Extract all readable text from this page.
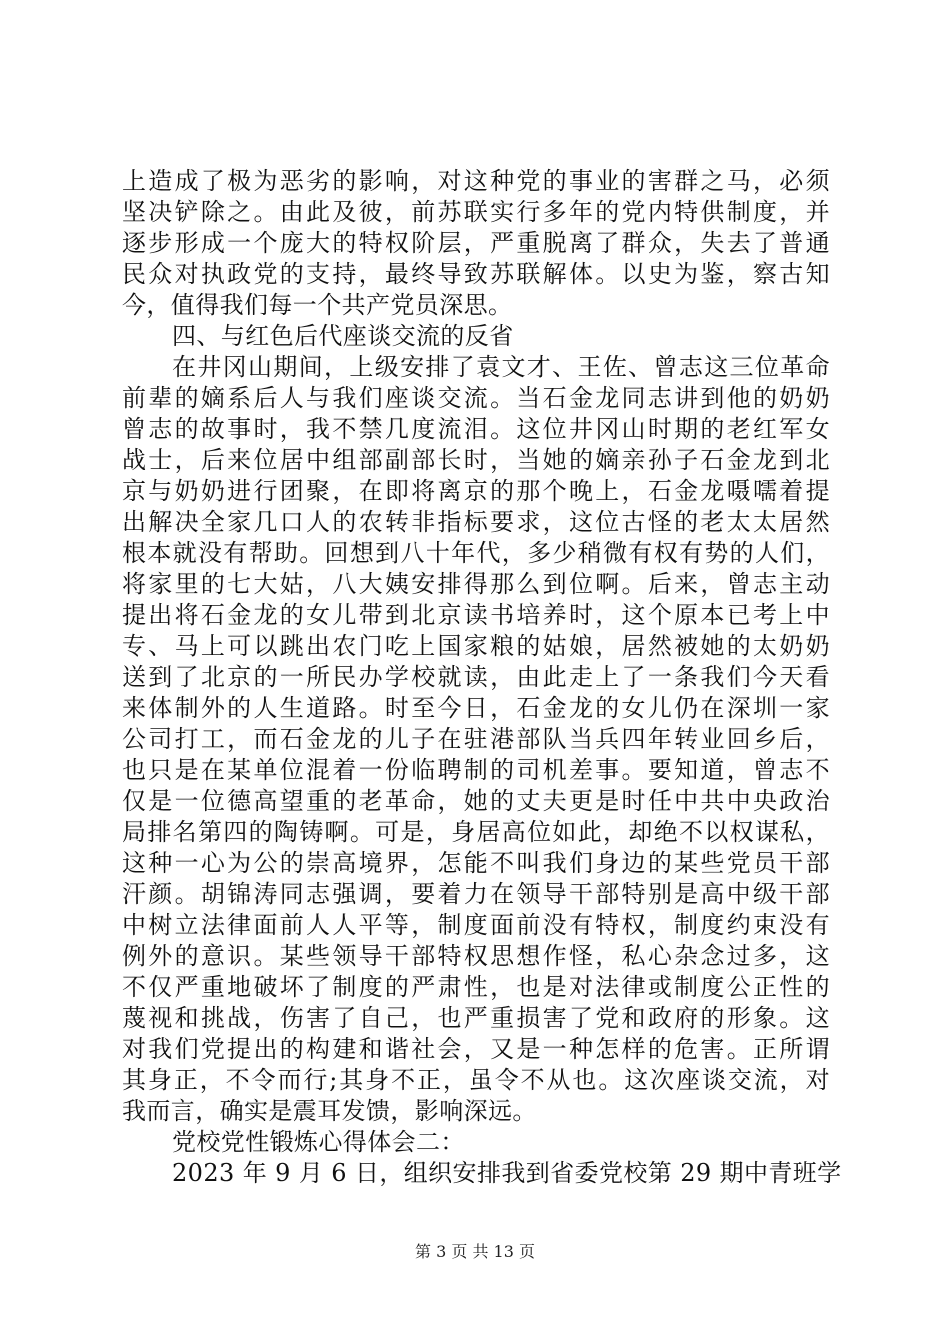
上造成了极为恶劣的影响，对这种党的事业的害群之马，必须
坚决铲除之。由此及彼，前苏联实行多年的党内特供制度，并
逐步形成一个庞大的特权阶层，严重脱离了群众，失去了普通
民众对执政党的支持，最终导致苏联解体。以史为鉴，察古知
今，值得我们每一个共产党员深思。
四、与红色后代座谈交流的反省
在井冈山期间，上级安排了袁文才、王佐、曾志这三位革命
前辈的嫡系后人与我们座谈交流。当石金龙同志讲到他的奶奶
曾志的故事时，我不禁几度流泪。这位井冈山时期的老红军女
战士，后来位居中组部副部长时，当她的嫡亲孙子石金龙到北
京与奶奶进行团聚，在即将离京的那个晚上，石金龙嗫嚅着提
出解决全家几口人的农转非指标要求，这位古怪的老太太居然
根本就没有帮助。回想到八十年代，多少稍微有权有势的人们，
将家里的七大姑，八大姨安排得那么到位啊。后来，曾志主动
提出将石金龙的女儿带到北京读书培养时，这个原本已考上中
专、马上可以跳出农门吃上国家粮的姑娘，居然被她的太奶奶
送到了北京的一所民办学校就读，由此走上了一条我们今天看
来体制外的人生道路。时至今日，石金龙的女儿仍在深圳一家
公司打工，而石金龙的儿子在驻港部队当兵四年转业回乡后，
也只是在某单位混着一份临聘制的司机差事。要知道，曾志不
仅是一位德高望重的老革命，她的丈夫更是时任中共中央政治
局排名第四的陶铸啊。可是，身居高位如此，却绝不以权谋私，
这种一心为公的崇高境界，怎能不叫我们身边的某些党员干部
汗颜。胡锦涛同志强调，要着力在领导干部特别是高中级干部
中树立法律面前人人平等，制度面前没有特权，制度约束没有
例外的意识。某些领导干部特权思想作怪，私心杂念过多，这
不仅严重地破坏了制度的严肃性，也是对法律或制度公正性的
蔑视和挑战，伤害了自己，也严重损害了党和政府的形象。这
对我们党提出的构建和谐社会，又是一种怎样的危害。正所谓
其身正，不令而行;其身不正，虽令不从也。这次座谈交流，对
我而言，确实是震耳发馈，影响深远。
党校党性锻炼心得体会二：
2023 年 9 月 6 日，组织安排我到省委党校第 29 期中青班学
第 3 页 共 13 页
